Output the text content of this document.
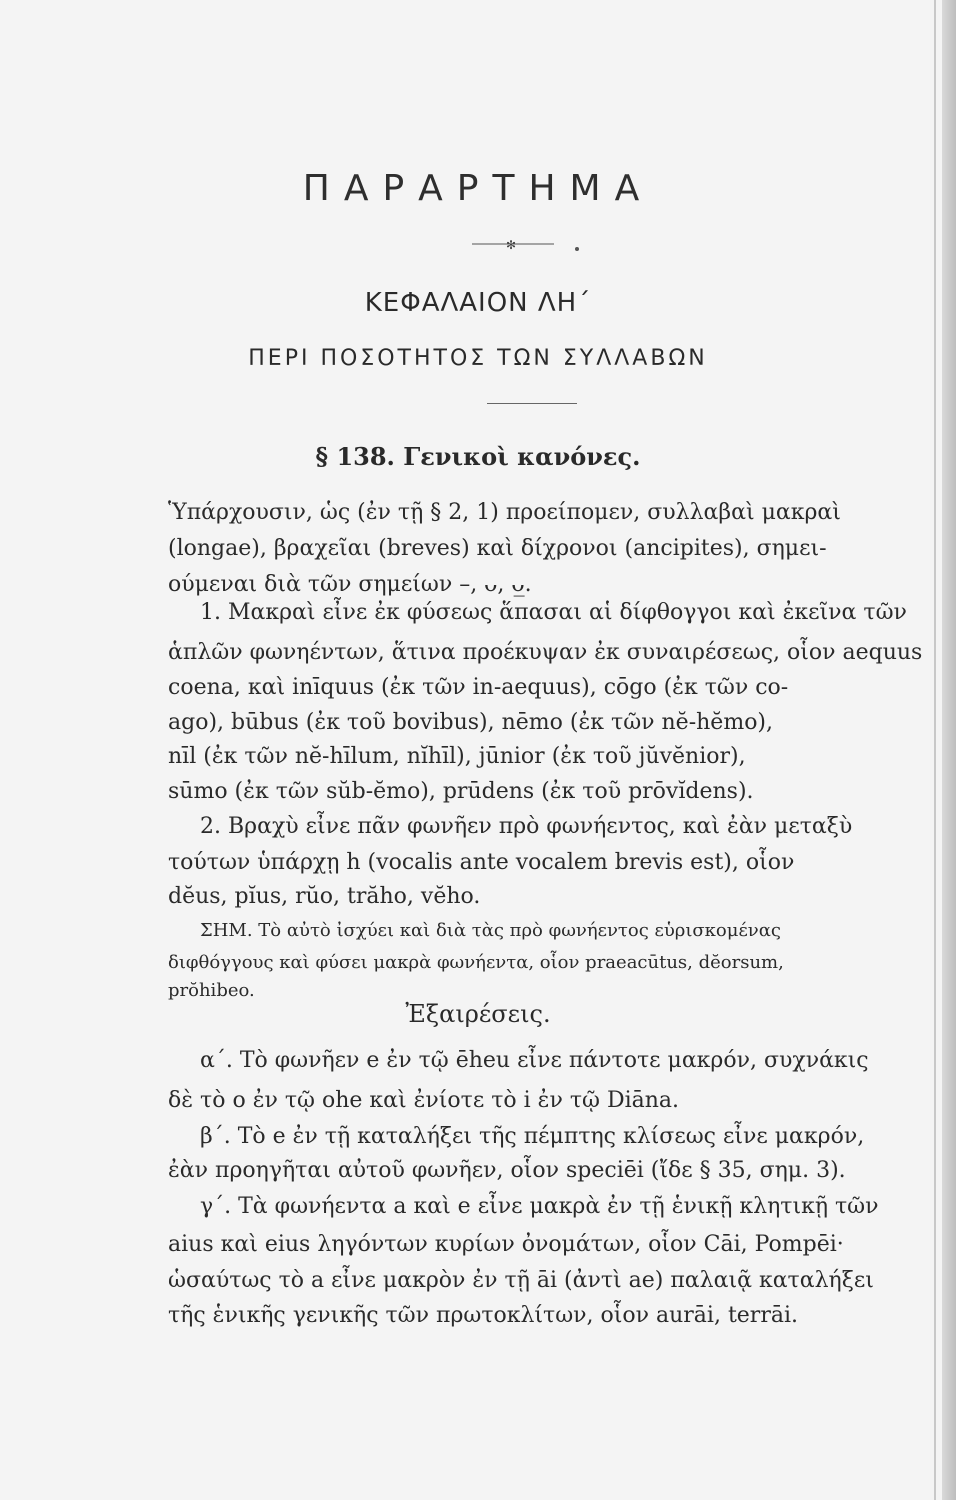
ΠΑΡΑΡΤΗΜΑ
✻
ΚΕΦΑΛΑΙΟΝ ΛΗ΄
ΠΕΡΙ ΠΟΣΟΤΗΤΟΣ ΤΩΝ ΣΥΛΛΑΒΩΝ
§ 138. Γενικοὶ κανόνες.
Ὑπάρχουσιν, ὡς (ἐν τῇ § 2, 1) προείπομεν, συλλαβαὶ μακραὶ
(longae), βραχεῖαι (breves) καὶ δίχρονοι (ancipites), σημει-
ούμεναι διὰ τῶν σημείων –, ᴗ, ᴗ̲.
1. Μακραὶ εἶνε ἐκ φύσεως ἅπασαι αἱ δίφθογγοι καὶ ἐκεῖνα τῶν
ἁπλῶν φωνηέντων, ἅτινα προέκυψαν ἐκ συναιρέσεως, οἷον aequus
coena, καὶ inīquus (ἐκ τῶν in-aequus), cōgo (ἐκ τῶν co-
ago), būbus (ἐκ τοῦ bovibus), nēmo (ἐκ τῶν nĕ-hĕmo),
nīl (ἐκ τῶν nĕ-hīlum, nĭhīl), jūnior (ἐκ τοῦ jŭvĕnior),
sūmo (ἐκ τῶν sŭb-ĕmo), prūdens (ἐκ τοῦ prōvĭdens).
2. Βραχὺ εἶνε πᾶν φωνῆεν πρὸ φωνήεντος, καὶ ἐὰν μεταξὺ
τούτων ὑπάρχῃ h (vocalis ante vocalem brevis est), οἷον
dĕus, pĭus, rŭo, trăho, vĕho.
ΣΗΜ. Τὸ αὐτὸ ἰσχύει καὶ διὰ τὰς πρὸ φωνήεντος εὑρισκομένας
διφθόγγους καὶ φύσει μακρὰ φωνήεντα, οἷον praeacūtus, dĕorsum,
prŏhibeo.
Ἐξαιρέσεις.
α΄. Τὸ φωνῆεν e ἐν τῷ ēheu εἶνε πάντοτε μακρόν, συχνάκις
δὲ τὸ o ἐν τῷ ohe καὶ ἐνίοτε τὸ i ἐν τῷ Diāna.
β΄. Τὸ e ἐν τῇ καταλήξει τῆς πέμπτης κλίσεως εἶνε μακρόν,
ἐὰν προηγῆται αὐτοῦ φωνῆεν, οἷον speciēi (ἴδε § 35, σημ. 3).
γ΄. Τὰ φωνήεντα a καὶ e εἶνε μακρὰ ἐν τῇ ἑνικῇ κλητικῇ τῶν
aius καὶ eius ληγόντων κυρίων ὀνομάτων, οἷον Cāi, Pompēi·
ὡσαύτως τὸ a εἶνε μακρὸν ἐν τῇ āi (ἀντὶ ae) παλαιᾷ καταλήξει
τῆς ἑνικῆς γενικῆς τῶν πρωτοκλίτων, οἷον aurāi, terrāi.
